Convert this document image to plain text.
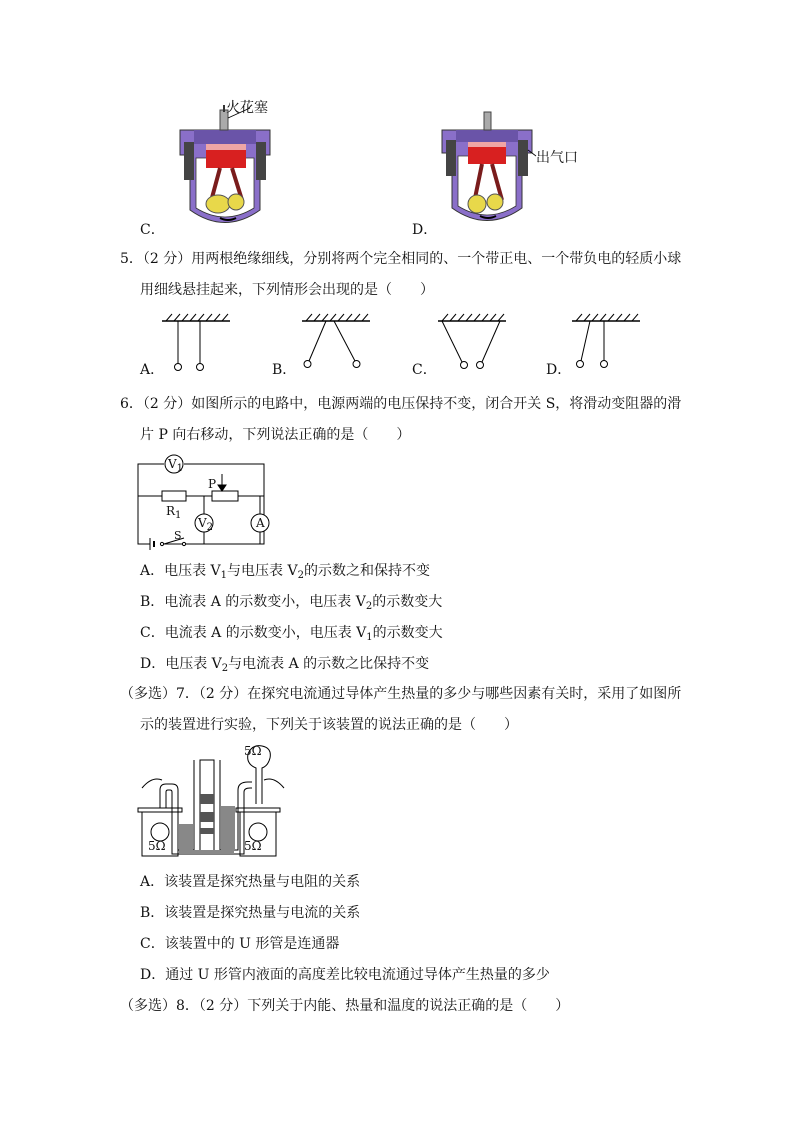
火花塞
C．
出气口
D．
5．（2 分）用两根绝缘细线，分别将两个完全相同的、一个带正电、一个带负电的轻质小球
用细线悬挂起来，下列情形会出现的是（　　）
A．	B．	C．	D．
6．（2 分）如图所示的电路中，电源两端的电压保持不变，闭合开关 S，将滑动变阻器的滑
片 P 向右移动，下列说法正确的是（　　）
$V_1$
$V_2$	A
P
$R_1$
S
A．电压表 $V_1$与电压表 $V_2$的示数之和保持不变
B．电流表 A 的示数变小，电压表 $V_2$的示数变大
C．电流表 A 的示数变小，电压表 $V_1$的示数变大
D．电压表 $V_2$与电流表 A 的示数之比保持不变
（多选）7．（2 分）在探究电流通过导体产生热量的多少与哪些因素有关时，采用了如图所
示的装置进行实验，下列关于该装置的说法正确的是（　　）
5Ω
5Ω	5Ω
A．该装置是探究热量与电阻的关系
B．该装置是探究热量与电流的关系
C．该装置中的 U 形管是连通器
D．通过 U 形管内液面的高度差比较电流通过导体产生热量的多少
（多选）8．（2 分）下列关于内能、热量和温度的说法正确的是（　　）
